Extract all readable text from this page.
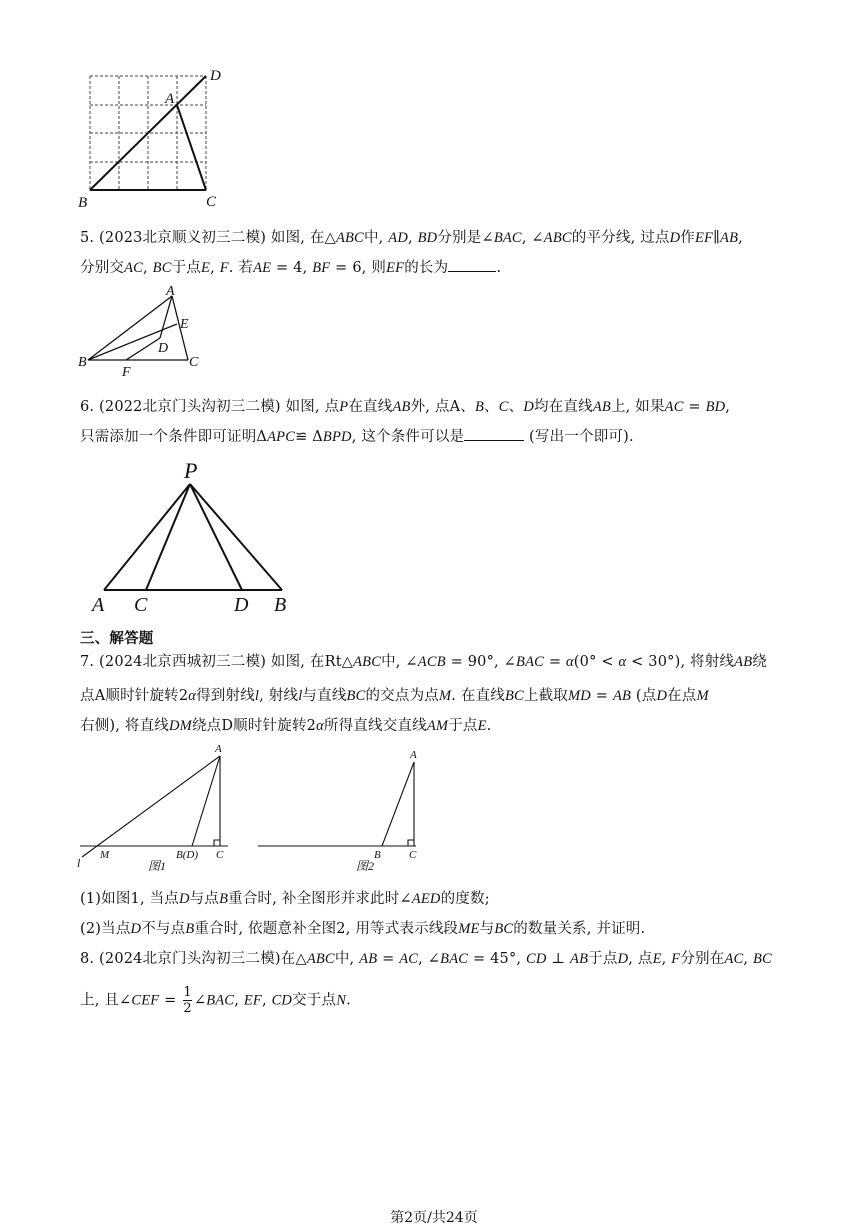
D
A
B	C
5. (2023北京顺义初三二模) 如图, 在△ABC中, AD, BD分别是∠BAC, ∠ABC的平分线, 过点D作EF∥AB,
分别交AC, BC于点E, F. 若AE = 4, BF = 6, 则EF的长为	.
A
E
D
B	C
F
6. (2022北京门头沟初三二模) 如图, 点P在直线AB外, 点A、B、C、D均在直线AB上, 如果AC = BD,
只需添加一个条件即可证明ΔAPC≌ ΔBPD, 这个条件可以是	(写出一个即可).
P
A C	D B
三、解答题
7. (2024北京西城初三二模) 如图, 在Rt△ABC中, ∠ACB = 90°, ∠BAC = α(0° < α < 30°), 将射线AB绕
点A顺时针旋转2α得到射线l, 射线l与直线BC的交点为点M. 在直线BC上截取MD = AB (点D在点M
右侧), 将直线DM绕点D顺时针旋转2α所得直线交直线AM于点E.
A
l
M	B(D) C
图1
A
B	C
图2
(1)如图1, 当点D与点B重合时, 补全图形并求此时∠AED的度数;
(2)当点D不与点B重合时, 依题意补全图2, 用等式表示线段ME与BC的数量关系, 并证明.
8. (2024北京门头沟初三二模)在△ABC中, AB = AC, ∠BAC = 45°, CD ⊥ AB于点D, 点E, F分别在AC, BC
上, 且∠CEF = $\frac{1}{2}$ ∠BAC, EF, CD交于点N.
第2页/共24页
